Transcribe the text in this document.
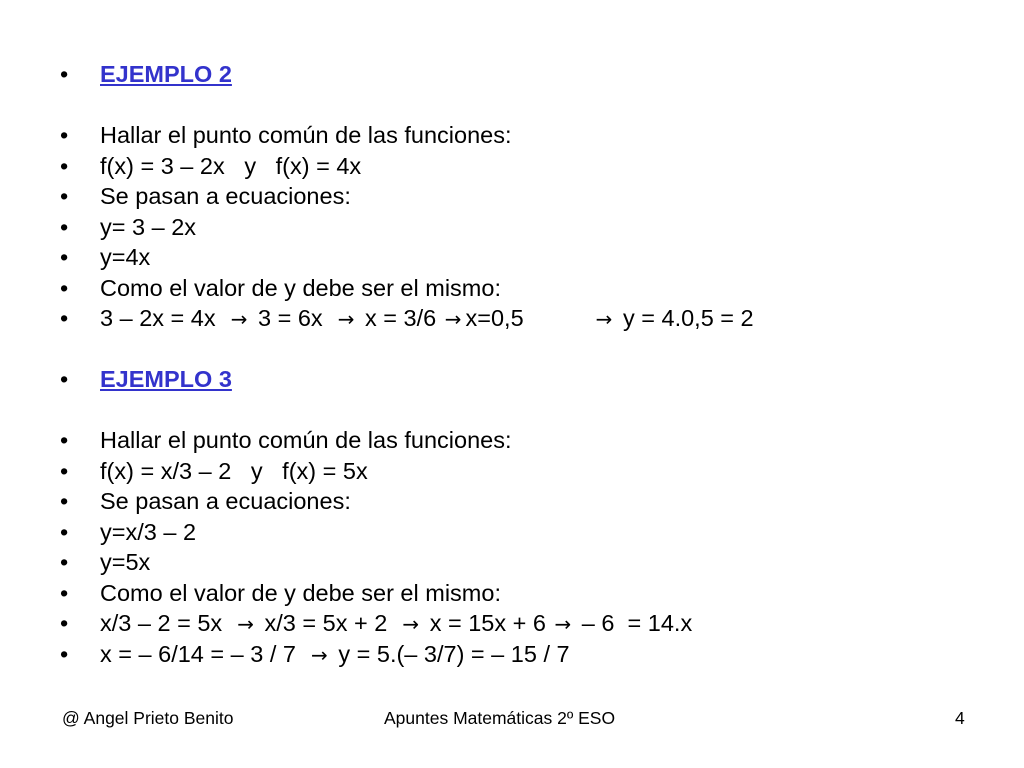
•

	EJEMPLO 2

•

	Hallar el punto común de las funciones:

•

	f(x) = 3 – 2x   y   f(x) = 4x

•

	Se pasan a ecuaciones:

•

	y= 3 – 2x

•

	y=4x

•

	Como el valor de y debe ser el mismo:

•

	3 – 2x = 4x → 3 = 6x → x = 3/6 → x=0,5	→ y = 4.0,5 = 2

•

	EJEMPLO 3

•

	Hallar el punto común de las funciones:

•

	f(x) = x/3 – 2   y   f(x) = 5x

•

	Se pasan a ecuaciones:

•

	y=x/3 – 2

•

	y=5x

•

	Como el valor de y debe ser el mismo:

•

	x/3 – 2 = 5x → x/3 = 5x + 2 → x = 15x + 6 → – 6  = 14.x

•

	x = – 6/14 = – 3 / 7 → y = 5.(– 3/7) = – 15 / 7

@ Angel Prieto Benito	Apuntes Matemáticas 2º ESO	4
